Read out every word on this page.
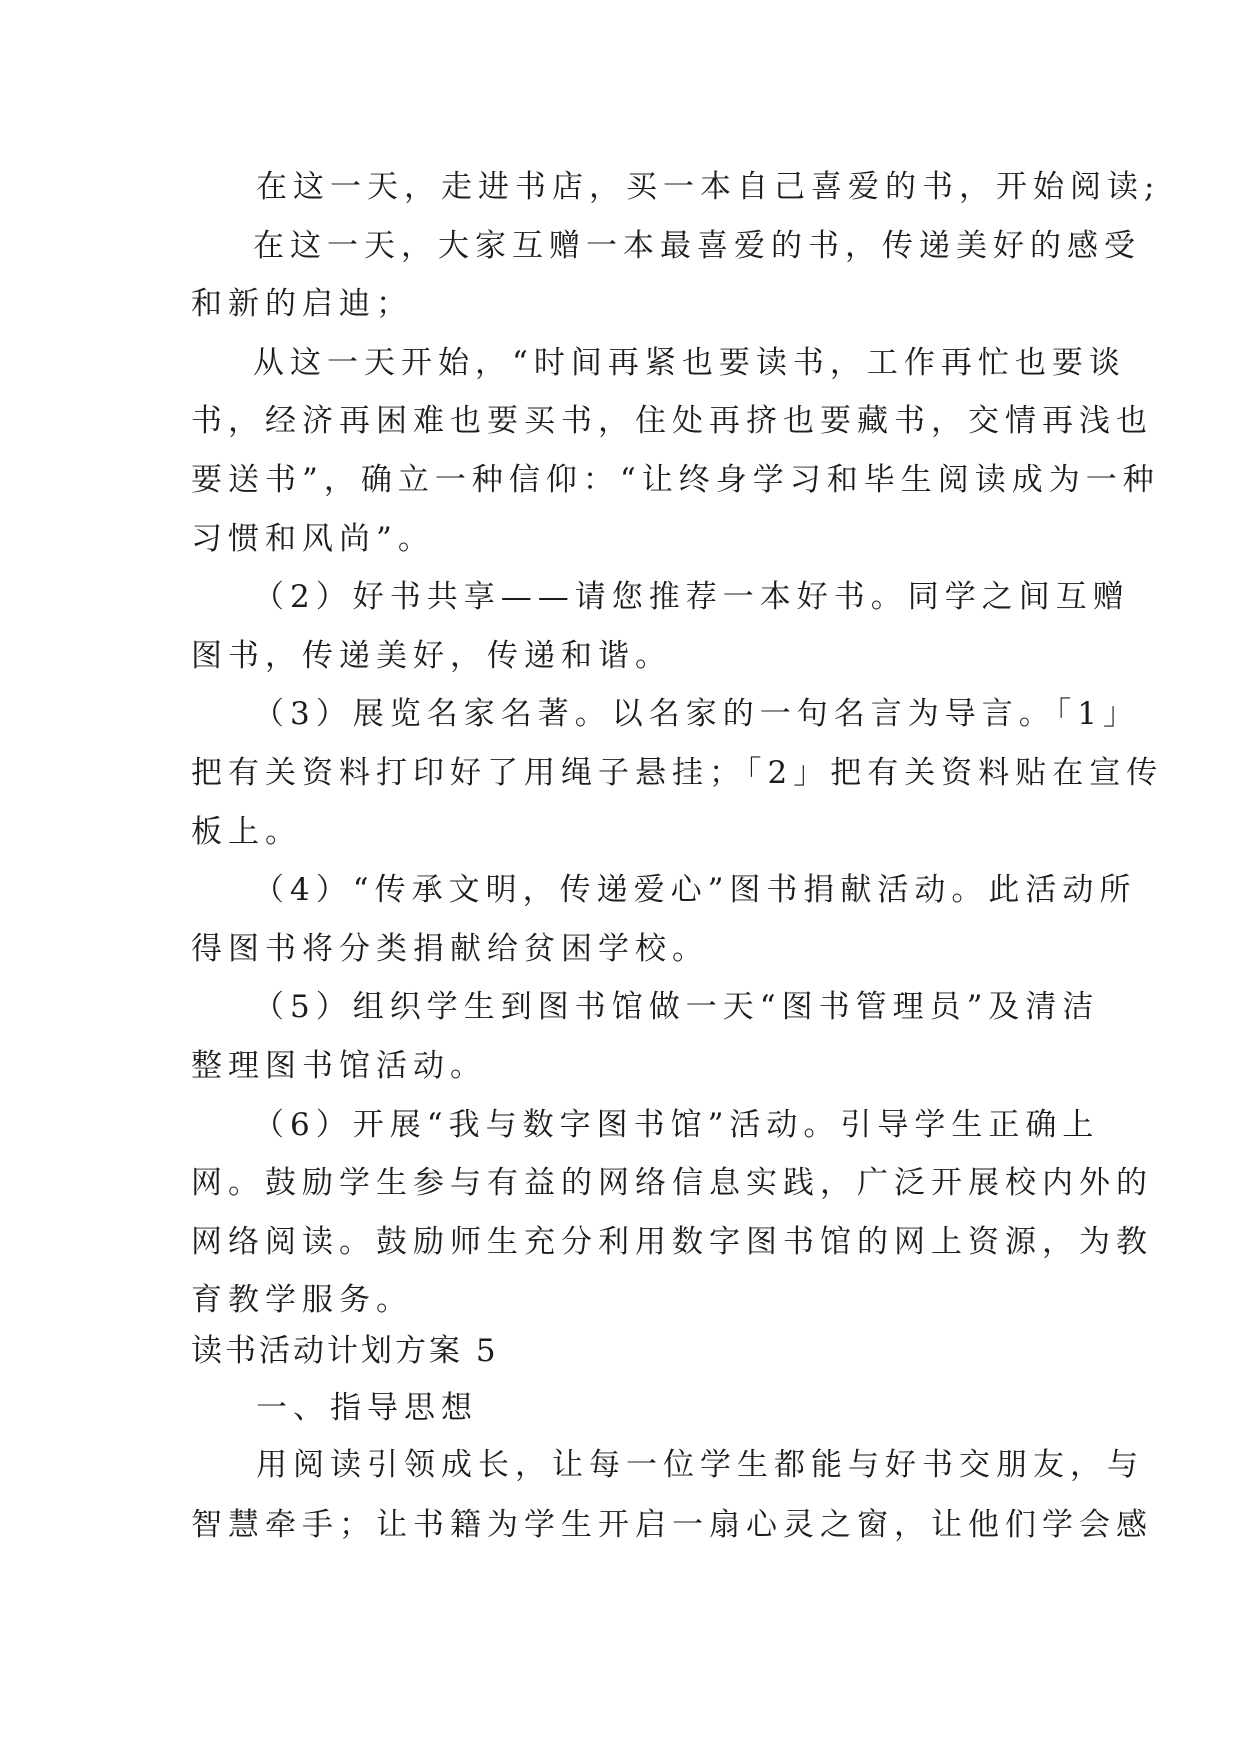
在这一天，走进书店，买一本自己喜爱的书，开始阅读;
在这一天，大家互赠一本最喜爱的书，传递美好的感受
和新的启迪；
从这一天开始，“时间再紧也要读书，工作再忙也要谈
书，经济再困难也要买书，住处再挤也要藏书，交情再浅也
要送书”，确立一种信仰：“让终身学习和毕生阅读成为一种
习惯和风尚”。
（2）好书共享——请您推荐一本好书。同学之间互赠
图书，传递美好，传递和谐。
（3）展览名家名著。以名家的一句名言为导言。「1」
把有关资料打印好了用绳子悬挂；「2」把有关资料贴在宣传
板上。
（4）“传承文明，传递爱心”图书捐献活动。此活动所
得图书将分类捐献给贫困学校。
（5）组织学生到图书馆做一天“图书管理员”及清洁
整理图书馆活动。
（6）开展“我与数字图书馆”活动。引导学生正确上
网。鼓励学生参与有益的网络信息实践，广泛开展校内外的
网络阅读。鼓励师生充分利用数字图书馆的网上资源，为教
育教学服务。
读书活动计划方案 5
一、指导思想
用阅读引领成长，让每一位学生都能与好书交朋友，与
智慧牵手；让书籍为学生开启一扇心灵之窗，让他们学会感
